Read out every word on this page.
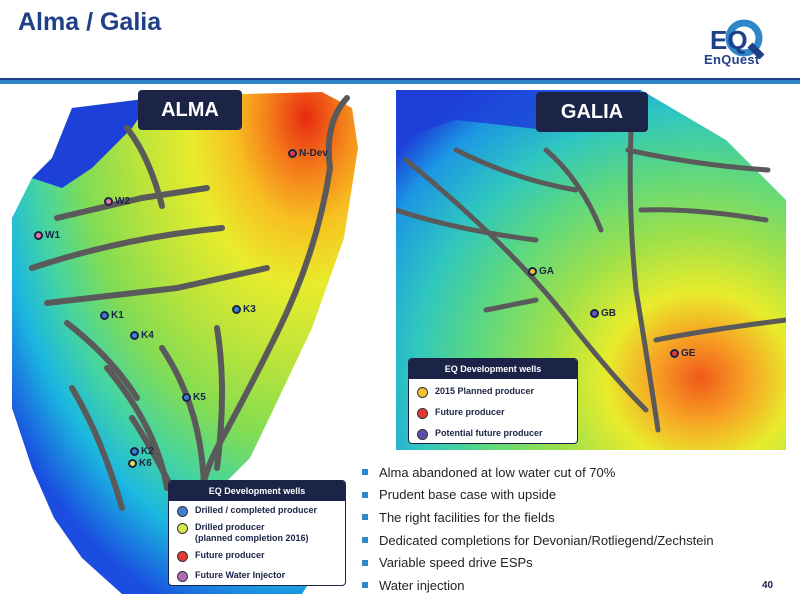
Alma / Galia
EQ
EnQuest
ALMA
N-Dev
W2
W1
K3
K1
K4
K5
K2
K6
EQ Development wells
Drilled / completed producer
Drilled producer
(planned completion 2016)
Future producer
Future Water Injector
GALIA
GA
GB
GE
EQ Development wells
2015 Planned producer
Future producer
Potential future producer
Alma abandoned at low water cut of 70%
Prudent base case with upside
The right facilities for the fields
Dedicated completions for Devonian/Rotliegend/Zechstein
Variable speed drive ESPs
Water injection	40
